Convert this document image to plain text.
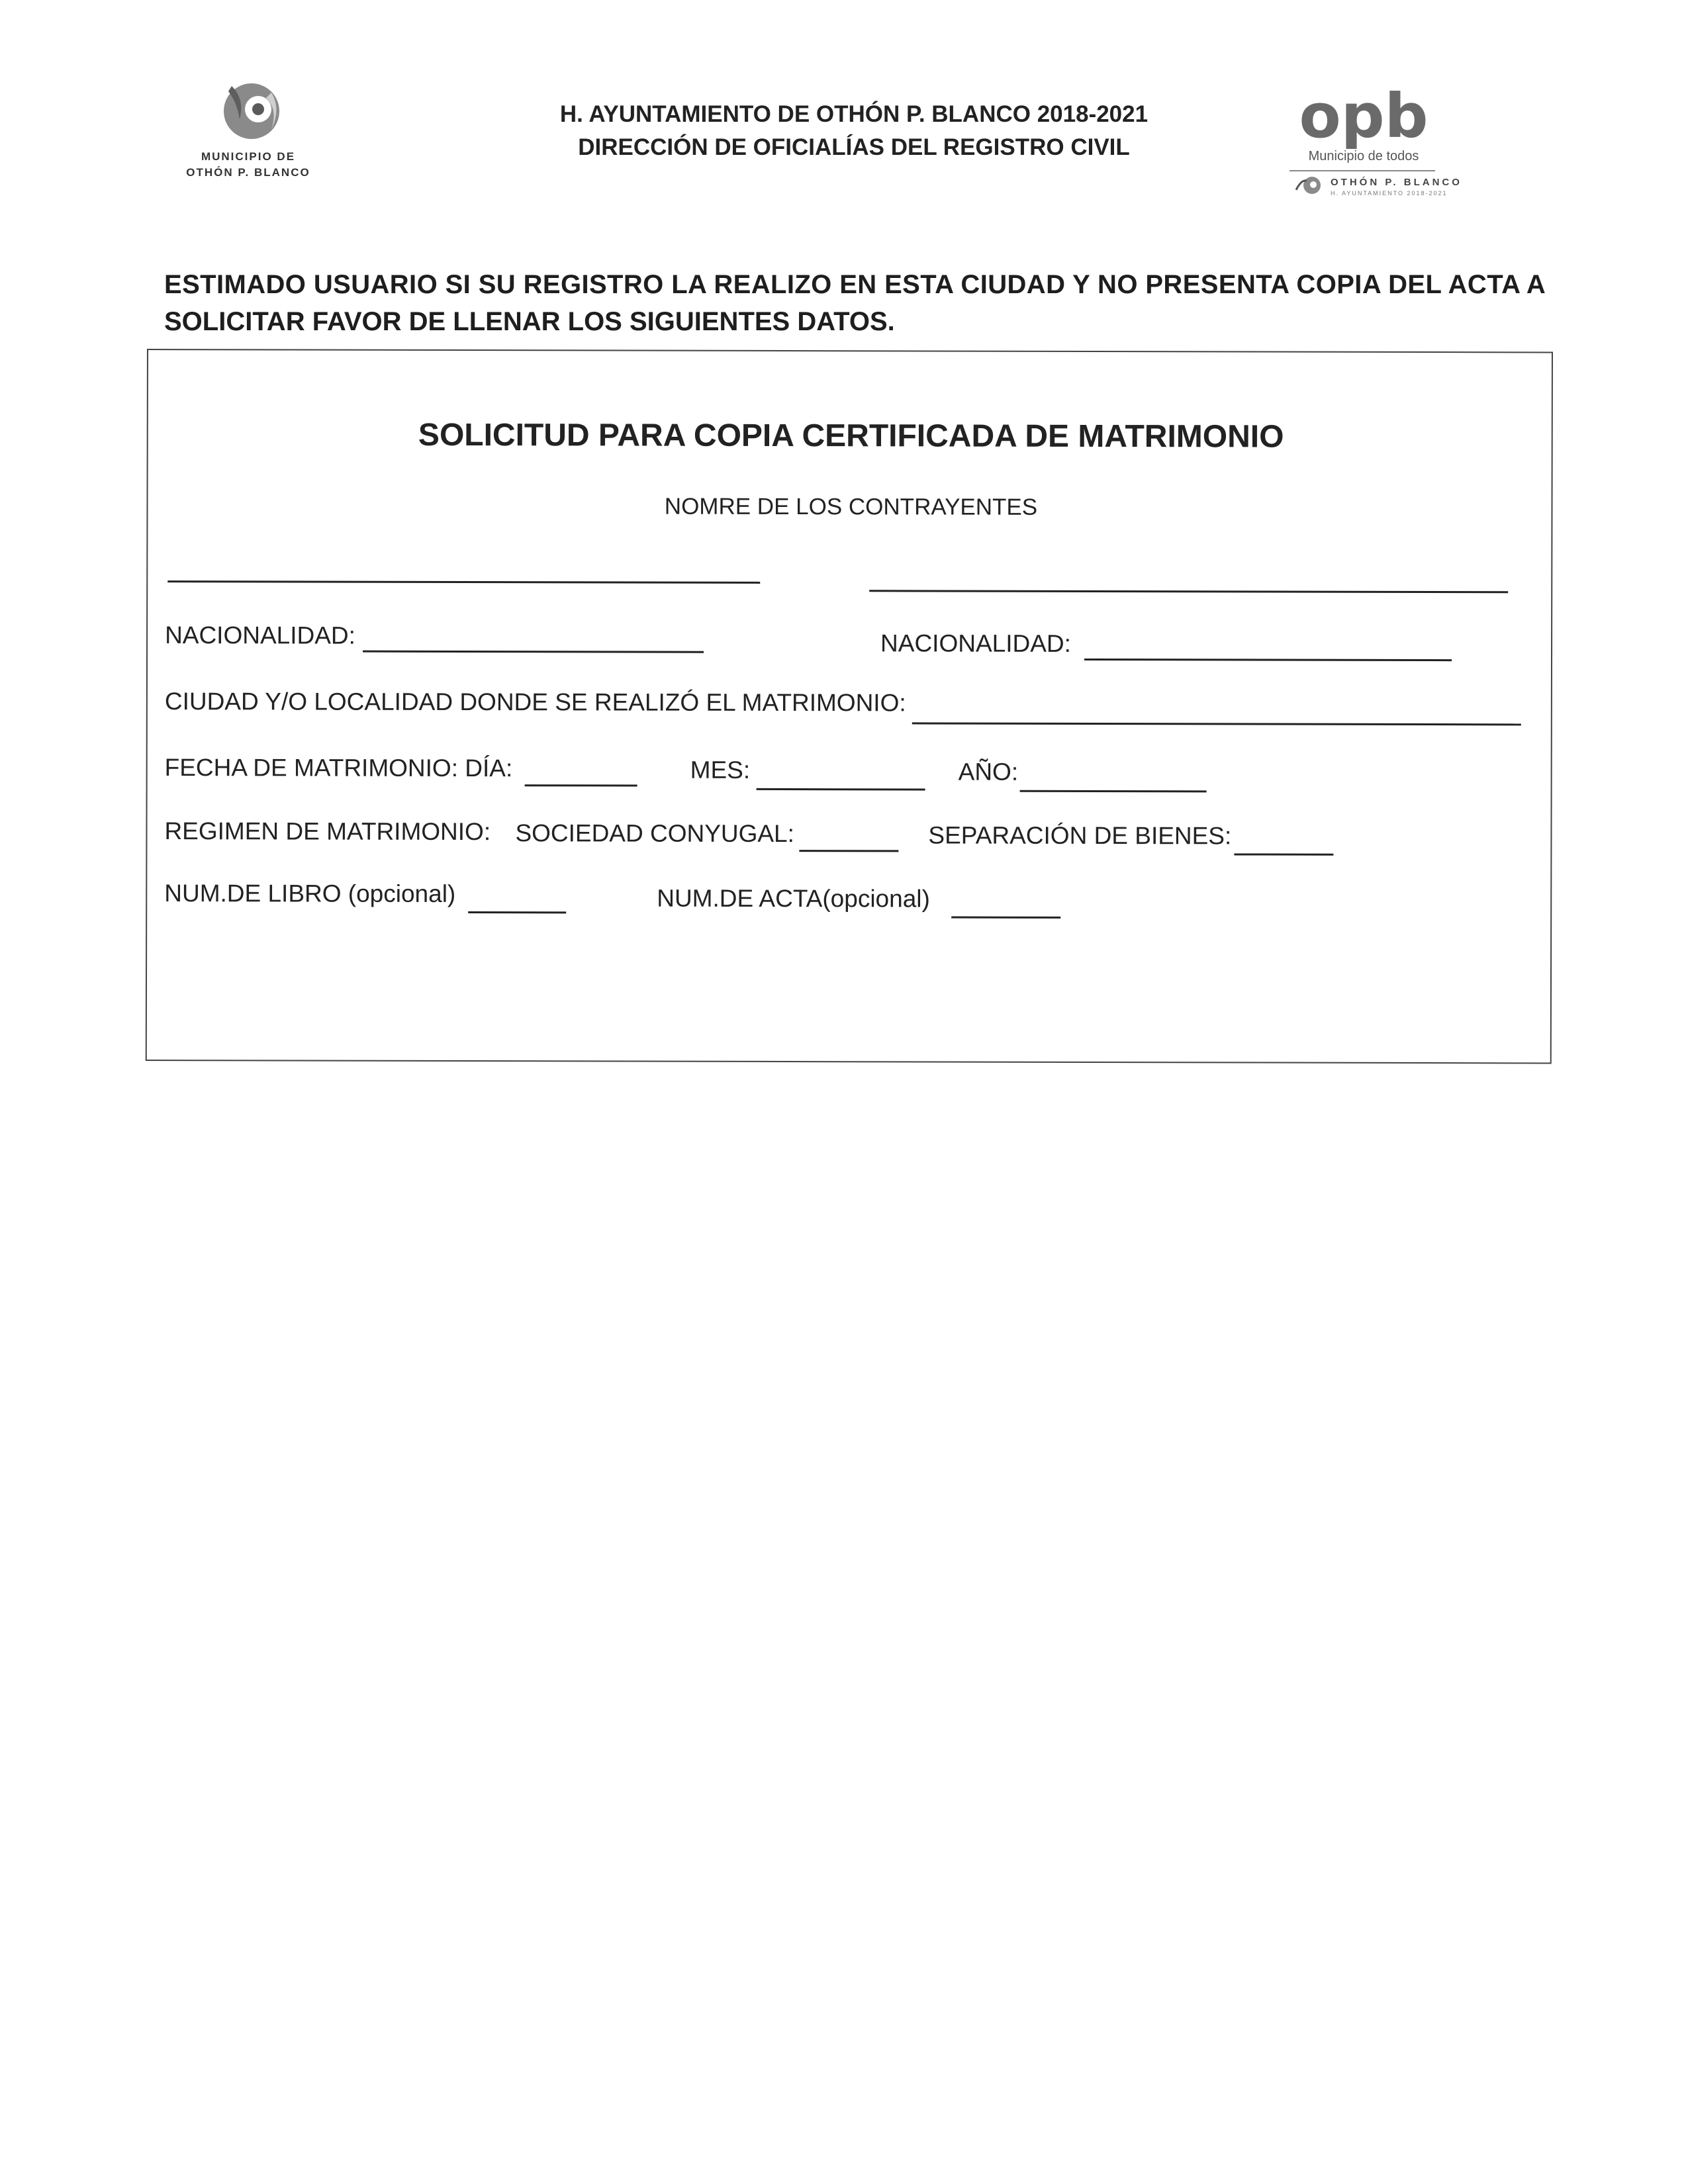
MUNICIPIO DE
OTHÓN P. BLANCO
H. AYUNTAMIENTO DE OTHÓN P. BLANCO 2018-2021
DIRECCIÓN DE OFICIALÍAS DEL REGISTRO CIVIL	opb
Municipio de todos
OTHÓN P. BLANCO
H. AYUNTAMIENTO 2018-2021
ESTIMADO USUARIO SI SU REGISTRO LA REALIZO EN ESTA CIUDAD Y NO PRESENTA COPIA DEL ACTA A
SOLICITAR FAVOR DE LLENAR LOS SIGUIENTES DATOS.
SOLICITUD PARA COPIA CERTIFICADA DE MATRIMONIO
NOMRE DE LOS CONTRAYENTES
NACIONALIDAD:	NACIONALIDAD:
CIUDAD Y/O LOCALIDAD DONDE SE REALIZÓ EL MATRIMONIO:
FECHA DE MATRIMONIO: DÍA:	MES:	AÑO:
REGIMEN DE MATRIMONIO: SOCIEDAD CONYUGAL:	SEPARACIÓN DE BIENES:
NUM.DE LIBRO (opcional)	NUM.DE ACTA(opcional)
